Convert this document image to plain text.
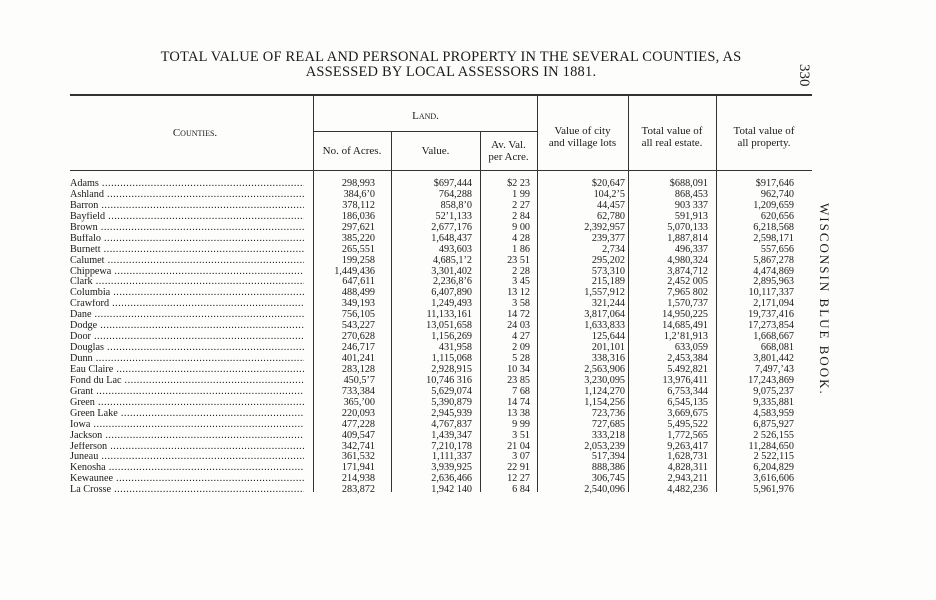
TOTAL VALUE OF REAL AND PERSONAL PROPERTY IN THE SEVERAL COUNTIES, AS
ASSESSED BY LOCAL ASSESSORS IN 1881.	330
WISCONSIN BLUE BOOK.
Counties.
Land.
No. of Acres.	Value.	Av. Val.
per Acre.
Value of city
and village lots
Total value of
all real estate.
Total value of
all property.
Adams .....	298,993	$697,444	$2 23	$20,647	$688,091	$917,646
Ashland .....	384,6’0	764,288	1 99	104,2’5	868,453	962,740
Barron .....	378,112	858,8’0	2 27	44,457	903 337	1,209,659
Bayfield .....	186,036	52’1,133	2 84	62,780	591,913	620,656
Brown .....	297,621	2,677,176	9 00	2,392,957	5,070,133	6,218,568
Buffalo .....	385,220	1,648,437	4 28	239,377	1,887,814	2,598,171
Burnett .....	265,551	493,603	1 86	2,734	496,337	557,656
Calumet .....	199,258	4,685,1’2	23 51	295,202	4,980,324	5,867,278
Chippewa .....	1,449,436	3,301,402	2 28	573,310	3,874,712	4,474,869
Clark .....	647,611	2,236,8’6	3 45	215,189	2,452 005	2,895,963
Columbia .....	488,499	6,407,890	13 12	1,557,912	7,965 802	10,117,337
Crawford .....	349,193	1,249,493	3 58	321,244	1,570,737	2,171,094
Dane .....	756,105	11,133,161	14 72	3,817,064	14,950,225	19,737,416
Dodge .....	543,227	13,051,658	24 03	1,633,833	14,685,491	17,273,854
Door .....	270,628	1,156,269	4 27	125,644	1,2’81,913	1,668,667
Douglas .....	246,717	431,958	2 09	201,101	633,059	668,081
Dunn .....	401,241	1,115,068	5 28	338,316	2,453,384	3,801,442
Eau Claire .....	283,128	2,928,915	10 34	2,563,906	5.492,821	7,497,’43
Fond du Lac .....	450,5’7	10,746 316	23 85	3,230,095	13,976,411	17,243,869
Grant .....	733,384	5,629,074	7 68	1,124,270	6,753,344	9,075,237
Green .....	365,’00	5,390,879	14 74	1,154,256	6,545,135	9,335,881
Green Lake .....	220,093	2,945,939	13 38	723,736	3,669,675	4,583,959
Iowa .....	477,228	4,767,837	9 99	727,685	5,495,522	6,875,927
Jackson .....	409,547	1,439,347	3 51	333,218	1,772,565	2 526,155
Jefferson .....	342,741	7,210,178	21 04	2,053,239	9,263,417	11,284,650
Juneau .....	361,532	1,111,337	3 07	517,394	1,628,731	2 522,115
Kenosha .....	171,941	3,939,925	22 91	888,386	4,828,311	6,204,829
Kewaunee .....	214,938	2,636,466	12 27	306,745	2,943,211	3,616,606
La Crosse .....	283,872	1,942 140	6 84	2,540,096	4,482,236	5,961,976
